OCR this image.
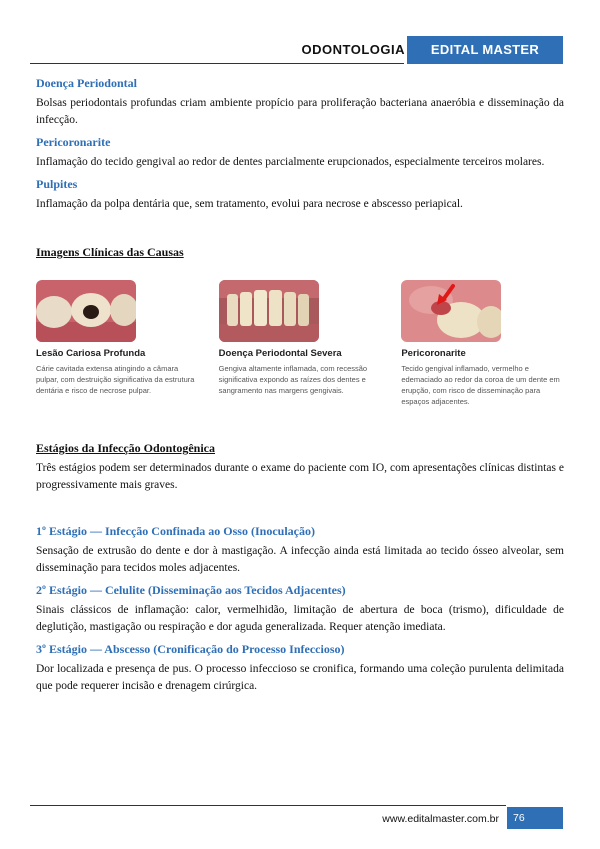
ODONTOLOGIA	EDITAL MASTER

Doença Periodontal

Bolsas periodontais profundas criam ambiente propício para proliferação bacteriana anaeróbia e disseminação da infecção.

Pericoronarite

Inflamação do tecido gengival ao redor de dentes parcialmente erupcionados, especialmente terceiros molares.

Pulpites

Inflamação da polpa dentária que, sem tratamento, evolui para necrose e abscesso periapical.

Imagens Clínicas das Causas

Lesão Cariosa Profunda
Cárie cavitada extensa atingindo a câmara pulpar, com destruição significativa da estrutura dentária e risco de necrose pulpar.
Doença Periodontal Severa
Gengiva altamente inflamada, com recessão significativa expondo as raízes dos dentes e sangramento nas margens gengivais.
Pericoronarite
Tecido gengival inflamado, vermelho e edemaciado ao redor da coroa de um dente em erupção, com risco de disseminação para espaços adjacentes.

Estágios da Infecção Odontogênica

Três estágios podem ser determinados durante o exame do paciente com IO, com apresentações clínicas distintas e progressivamente mais graves.

1º Estágio — Infecção Confinada ao Osso (Inoculação)

Sensação de extrusão do dente e dor à mastigação. A infecção ainda está limitada ao tecido ósseo alveolar, sem disseminação para tecidos moles adjacentes.

2º Estágio — Celulite (Disseminação aos Tecidos Adjacentes)

Sinais clássicos de inflamação: calor, vermelhidão, limitação de abertura de boca (trismo), dificuldade de deglutição, mastigação ou respiração e dor aguda generalizada. Requer atenção imediata.

3º Estágio — Abscesso (Cronificação do Processo Infeccioso)

Dor localizada e presença de pus. O processo infeccioso se cronifica, formando uma coleção purulenta delimitada que pode requerer incisão e drenagem cirúrgica.

www.editalmaster.com.br	76
